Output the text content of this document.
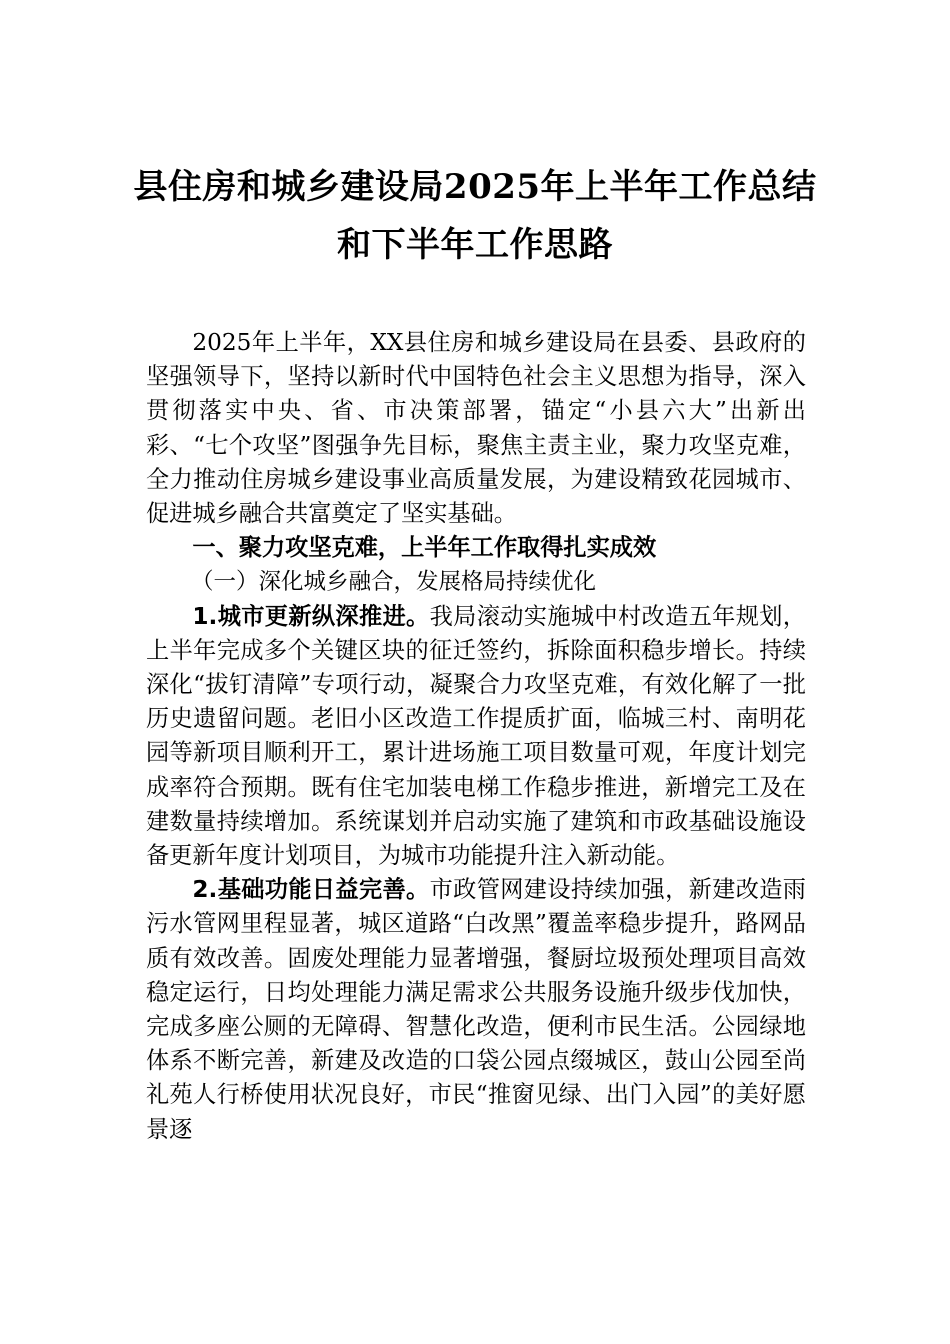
县住房和城乡建设局2025年上半年工作总结和下半年工作思路

2025年上半年，XX县住房和城乡建设局在县委、县政府的坚强领导下，坚持以新时代中国特色社会主义思想为指导，深入贯彻落实中央、省、市决策部署，锚定“小县六大”出新出彩、“七个攻坚”图强争先目标，聚焦主责主业，聚力攻坚克难，全力推动住房城乡建设事业高质量发展，为建设精致花园城市、促进城乡融合共富奠定了坚实基础。

一、聚力攻坚克难，上半年工作取得扎实成效

（一）深化城乡融合，发展格局持续优化

1.城市更新纵深推进。我局滚动实施城中村改造五年规划，上半年完成多个关键区块的征迁签约，拆除面积稳步增长。持续深化“拔钉清障”专项行动，凝聚合力攻坚克难，有效化解了一批历史遗留问题。老旧小区改造工作提质扩面，临城三村、南明花园等新项目顺利开工，累计进场施工项目数量可观，年度计划完成率符合预期。既有住宅加装电梯工作稳步推进，新增完工及在建数量持续增加。系统谋划并启动实施了建筑和市政基础设施设备更新年度计划项目，为城市功能提升注入新动能。

2.基础功能日益完善。市政管网建设持续加强，新建改造雨污水管网里程显著，城区道路“白改黑”覆盖率稳步提升，路网品质有效改善。固废处理能力显著增强，餐厨垃圾预处理项目高效稳定运行，日均处理能力满足需求公共服务设施升级步伐加快，完成多座公厕的无障碍、智慧化改造，便利市民生活。公园绿地体系不断完善，新建及改造的口袋公园点缀城区，鼓山公园至尚礼苑人行桥使用状况良好，市民“推窗见绿、出门入园”的美好愿景逐
